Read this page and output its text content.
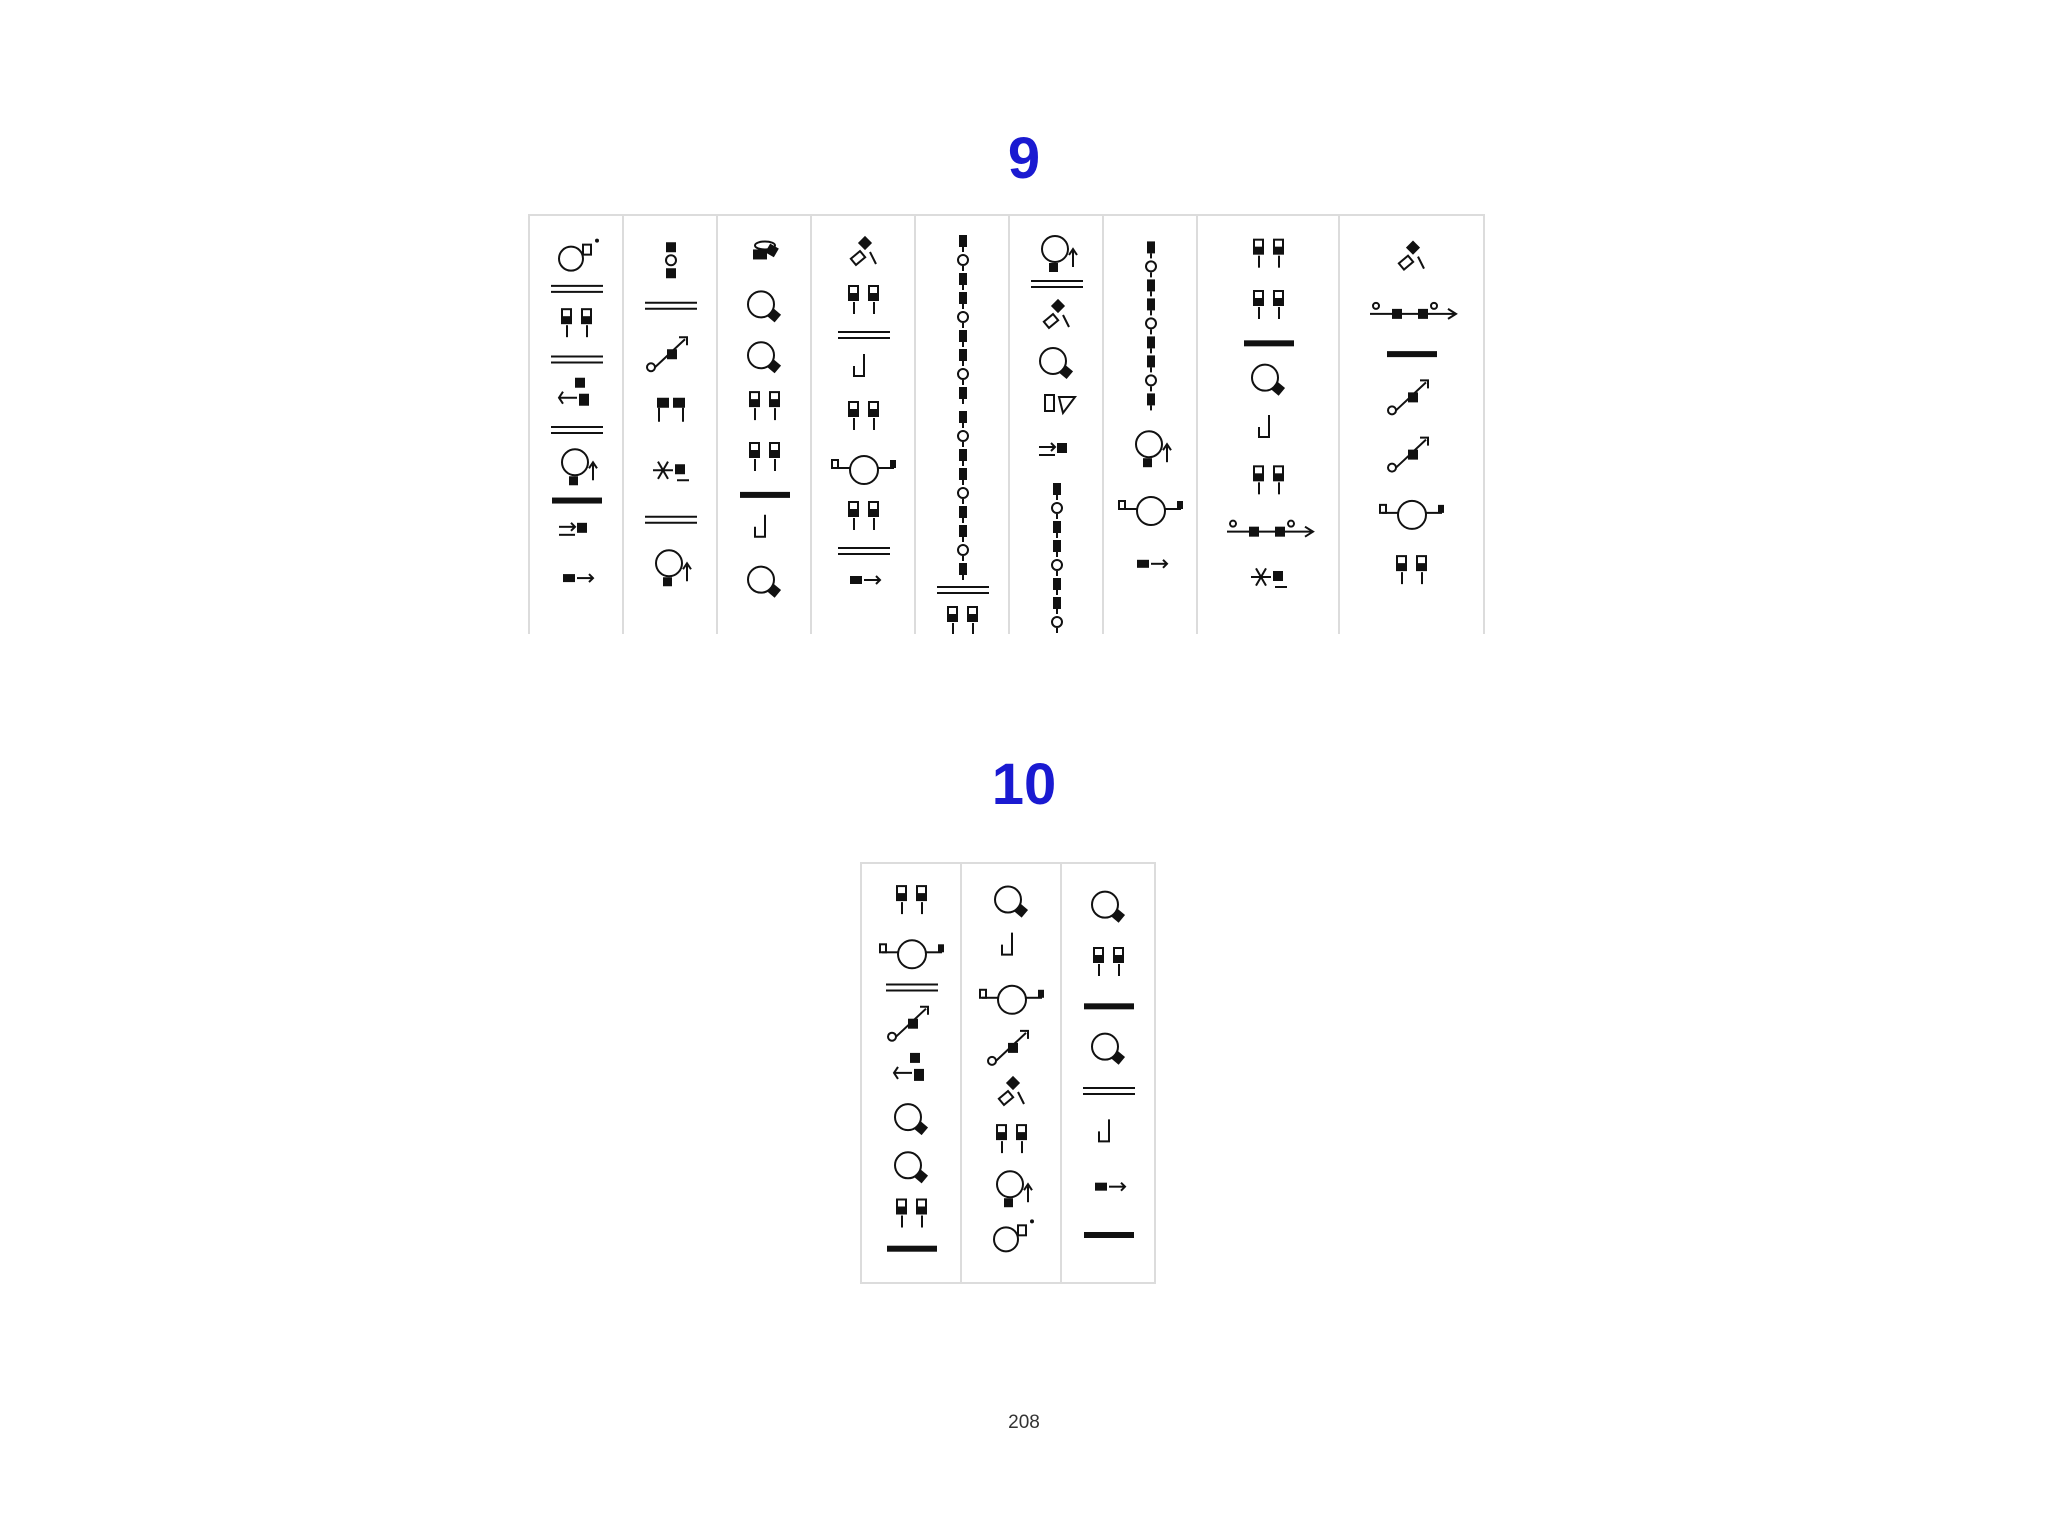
9
10

208
